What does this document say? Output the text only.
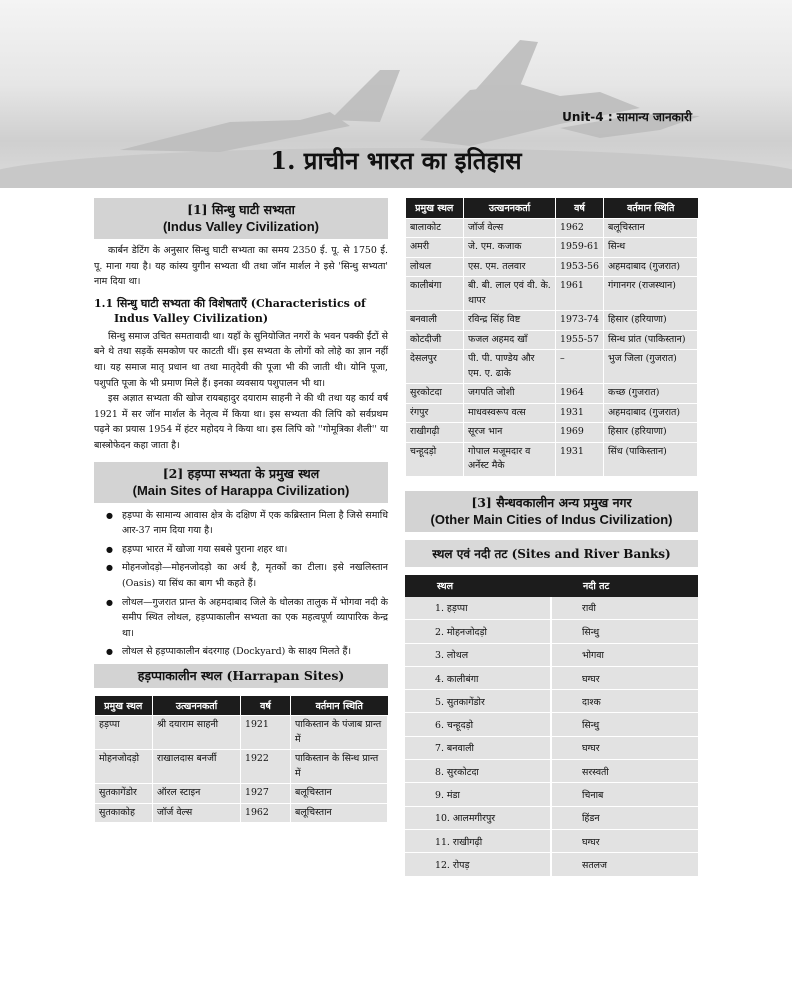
Unit-4 : सामान्य जानकारी
1. प्राचीन भारत का इतिहास
[1] सिन्धु घाटी सभ्यता
(Indus Valley Civilization)

कार्बन डेटिंग के अनुसार सिन्धु घाटी सभ्यता का समय 2350 ई. पू. से 1750 ई. पू. माना गया है। यह कांस्य युगीन सभ्यता थी तथा जॉन मार्शल ने इसे 'सिन्धु सभ्यता' नाम दिया था।

1.1 सिन्धु घाटी सभ्यता की विशेषताएँ (Characteristics of Indus Valley Civilization)

सिन्धु समाज उचित समतावादी था। यहाँ के सुनियोजित नगरों के भवन पक्की ईंटों से बने थे तथा सड़कें समकोण पर काटती थीं। इस सभ्यता के लोगों को लोहे का ज्ञान नहीं था। यह समाज मातृ प्रधान था तथा मातृदेवी की पूजा भी की जाती थी। योनि पूजा, पशुपति पूजा के भी प्रमाण मिले हैं। इनका व्यवसाय पशुपालन भी था।

इस अज्ञात सभ्यता की खोज रायबहादुर दयाराम साहनी ने की थी तथा यह कार्य वर्ष 1921 में सर जॉन मार्शल के नेतृत्व में किया था। इस सभ्यता की लिपि को सर्वप्रथम पढ़ने का प्रयास 1954 में हंटर महोदय ने किया था। इस लिपि को ''गोमूत्रिका शैली'' या बास्त्रोफेदन कहा जाता है।

[2] हड़प्पा सभ्यता के प्रमुख स्थल
(Main Sites of Harappa Civilization)
● हड़प्पा के सामान्य आवास क्षेत्र के दक्षिण में एक कब्रिस्तान मिला है जिसे समाधि आर-37 नाम दिया गया है।
● हड़प्पा भारत में खोजा गया सबसे पुराना शहर था।
● मोहनजोदड़ो—मोहनजोदड़ो का अर्थ है, मृतकों का टीला। इसे नखलिस्तान (Oasis) या सिंध का बाग भी कहते हैं।
● लोथल—गुजरात प्रान्त के अहमदाबाद जिले के धोलका तालुक में भोगवा नदी के समीप स्थित लोथल, हड़प्पाकालीन सभ्यता का एक महत्वपूर्ण व्यापारिक केन्द्र था।
● लोथल से हड़प्पाकालीन बंदरगाह (Dockyard) के साक्ष्य मिलते हैं।
हड़प्पाकालीन स्थल (Harrapan Sites)
प्रमुख स्थल	उत्खननकर्ता	वर्ष	वर्तमान स्थिति
हड़प्पा	श्री दयाराम साहनी	1921	पाकिस्तान के पंजाब प्रान्त में
मोहनजोदड़ो	राखालदास बनर्जी	1922	पाकिस्तान के सिन्ध प्रान्त में
सुतकागेंडोर	ऑरल स्टाइन	1927	बलूचिस्तान
सुतकाकोह	जॉर्ज वेल्स	1962	बलूचिस्तान
प्रमुख स्थल	उत्खननकर्ता	वर्ष	वर्तमान स्थिति
बालाकोट	जॉर्ज वेल्स	1962	बलूचिस्तान
अमरी	जे. एम. कजाक	1959-61	सिन्ध
लोथल	एस. एम. तलवार	1953-56	अहमदाबाद (गुजरात)
कालीबंगा	बी. बी. लाल एवं वी. के. थापर	1961	गंगानगर (राजस्थान)
बनवाली	रविन्द्र सिंह विष्ट	1973-74	हिसार (हरियाणा)
कोटदीजी	फजल अहमद खाँ	1955-57	सिन्ध प्रांत (पाकिस्तान)
देसलपुर	पी. पी. पाण्डेय और एम. ए. ढाके	–	भुज जिला (गुजरात)
सुरकोटदा	जगपति जोशी	1964	कच्छ (गुजरात)
रंगपुर	माधवस्वरूप वत्स	1931	अहमदाबाद (गुजरात)
राखीगढ़ी	सूरज भान	1969	हिसार (हरियाणा)
चन्हूदड़ो	गोपाल मजूमदार व अर्नेस्ट मैके	1931	सिंध (पाकिस्तान)
[3] सैन्धवकालीन अन्य प्रमुख नगर
(Other Main Cities of Indus Civilization)
स्थल एवं नदी तट (Sites and River Banks)
स्थल	नदी तट
1. हड़प्पा	रावी
2. मोहनजोदड़ो	सिन्धु
3. लोथल	भोगवा
4. कालीबंगा	घग्घर
5. सुतकागेंडोर	दाश्क
6. चन्हूदड़ो	सिन्धु
7. बनवाली	घग्घर
8. सुरकोटदा	सरस्वती
9. मंडा	चिनाब
10. आलमगीरपुर	हिंडन
11. राखीगढ़ी	घग्घर
12. रोपड़	सतलज
